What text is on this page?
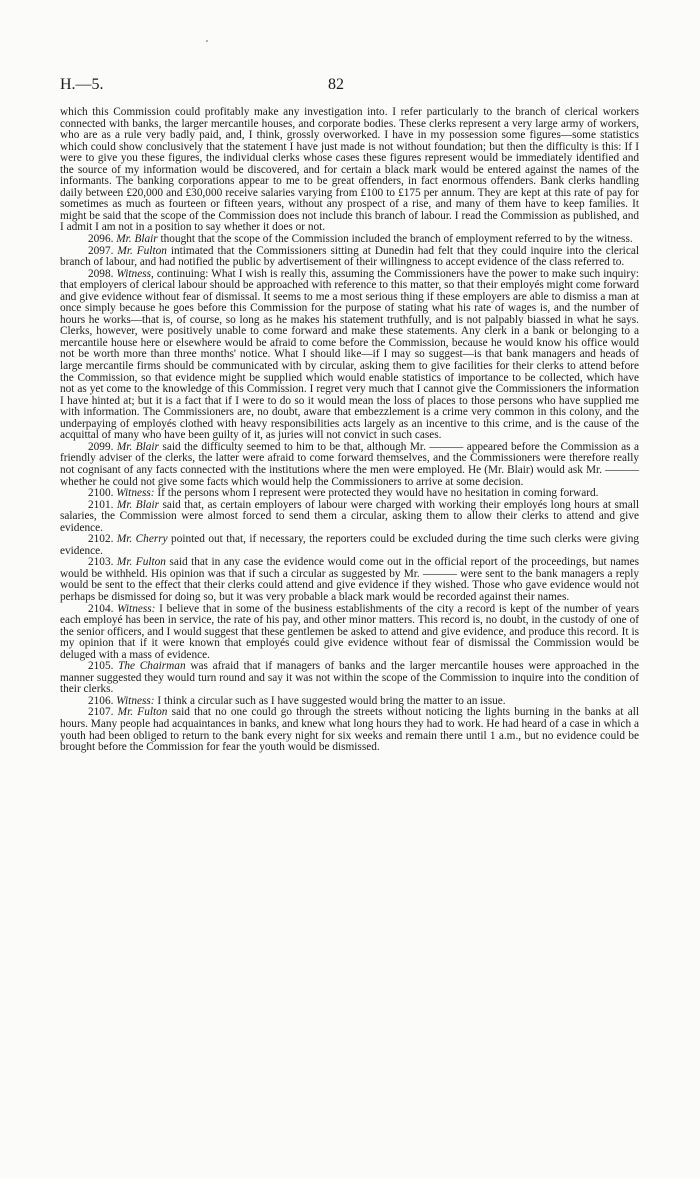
H.—5.	82

which this Commission could profitably make any investigation into. I refer particularly to the branch of clerical workers connected with banks, the larger mercantile houses, and corporate bodies. These clerks represent a very large army of workers, who are as a rule very badly paid, and, I think, grossly overworked. I have in my possession some figures—some statistics which could show conclusively that the statement I have just made is not without foundation; but then the difficulty is this: If I were to give you these figures, the individual clerks whose cases these figures represent would be immediately identified and the source of my information would be discovered, and for certain a black mark would be entered against the names of the informants. The banking corporations appear to me to be great offenders, in fact enormous offenders. Bank clerks handling daily between £20,000 and £30,000 receive salaries varying from £100 to £175 per annum. They are kept at this rate of pay for sometimes as much as fourteen or fifteen years, without any prospect of a rise, and many of them have to keep families. It might be said that the scope of the Commission does not include this branch of labour. I read the Commission as published, and I admit I am not in a position to say whether it does or not.

2096. Mr. Blair thought that the scope of the Commission included the branch of employment referred to by the witness.

2097. Mr. Fulton intimated that the Commissioners sitting at Dunedin had felt that they could inquire into the clerical branch of labour, and had notified the public by advertisement of their willingness to accept evidence of the class referred to.

2098. Witness, continuing: What I wish is really this, assuming the Commissioners have the power to make such inquiry: that employers of clerical labour should be approached with reference to this matter, so that their employés might come forward and give evidence without fear of dismissal. It seems to me a most serious thing if these employers are able to dismiss a man at once simply because he goes before this Commission for the purpose of stating what his rate of wages is, and the number of hours he works—that is, of course, so long as he makes his statement truthfully, and is not palpably biassed in what he says. Clerks, however, were positively unable to come forward and make these statements. Any clerk in a bank or belonging to a mercantile house here or elsewhere would be afraid to come before the Commission, because he would know his office would not be worth more than three months' notice. What I should like—if I may so suggest—is that bank managers and heads of large mercantile firms should be communicated with by circular, asking them to give facilities for their clerks to attend before the Commission, so that evidence might be supplied which would enable statistics of importance to be collected, which have not as yet come to the knowledge of this Commission. I regret very much that I cannot give the Commissioners the information I have hinted at; but it is a fact that if I were to do so it would mean the loss of places to those persons who have supplied me with information. The Commissioners are, no doubt, aware that embezzlement is a crime very common in this colony, and the underpaying of employés clothed with heavy responsibilities acts largely as an incentive to this crime, and is the cause of the acquittal of many who have been guilty of it, as juries will not convict in such cases.

2099. Mr. Blair said the difficulty seemed to him to be that, although Mr. ——— appeared before the Commission as a friendly adviser of the clerks, the latter were afraid to come forward themselves, and the Commissioners were therefore really not cognisant of any facts connected with the institutions where the men were employed. He (Mr. Blair) would ask Mr. ——— whether he could not give some facts which would help the Commissioners to arrive at some decision.

2100. Witness: If the persons whom I represent were protected they would have no hesitation in coming forward.

2101. Mr. Blair said that, as certain employers of labour were charged with working their employés long hours at small salaries, the Commission were almost forced to send them a circular, asking them to allow their clerks to attend and give evidence.

2102. Mr. Cherry pointed out that, if necessary, the reporters could be excluded during the time such clerks were giving evidence.

2103. Mr. Fulton said that in any case the evidence would come out in the official report of the proceedings, but names would be withheld. His opinion was that if such a circular as suggested by Mr. ——— were sent to the bank managers a reply would be sent to the effect that their clerks could attend and give evidence if they wished. Those who gave evidence would not perhaps be dismissed for doing so, but it was very probable a black mark would be recorded against their names.

2104. Witness: I believe that in some of the business establishments of the city a record is kept of the number of years each employé has been in service, the rate of his pay, and other minor matters. This record is, no doubt, in the custody of one of the senior officers, and I would suggest that these gentlemen be asked to attend and give evidence, and produce this record. It is my opinion that if it were known that employés could give evidence without fear of dismissal the Commission would be deluged with a mass of evidence.

2105. The Chairman was afraid that if managers of banks and the larger mercantile houses were approached in the manner suggested they would turn round and say it was not within the scope of the Commission to inquire into the condition of their clerks.

2106. Witness: I think a circular such as I have suggested would bring the matter to an issue.

2107. Mr. Fulton said that no one could go through the streets without noticing the lights burning in the banks at all hours. Many people had acquaintances in banks, and knew what long hours they had to work. He had heard of a case in which a youth had been obliged to return to the bank every night for six weeks and remain there until 1 a.m., but no evidence could be brought before the Commission for fear the youth would be dismissed.
